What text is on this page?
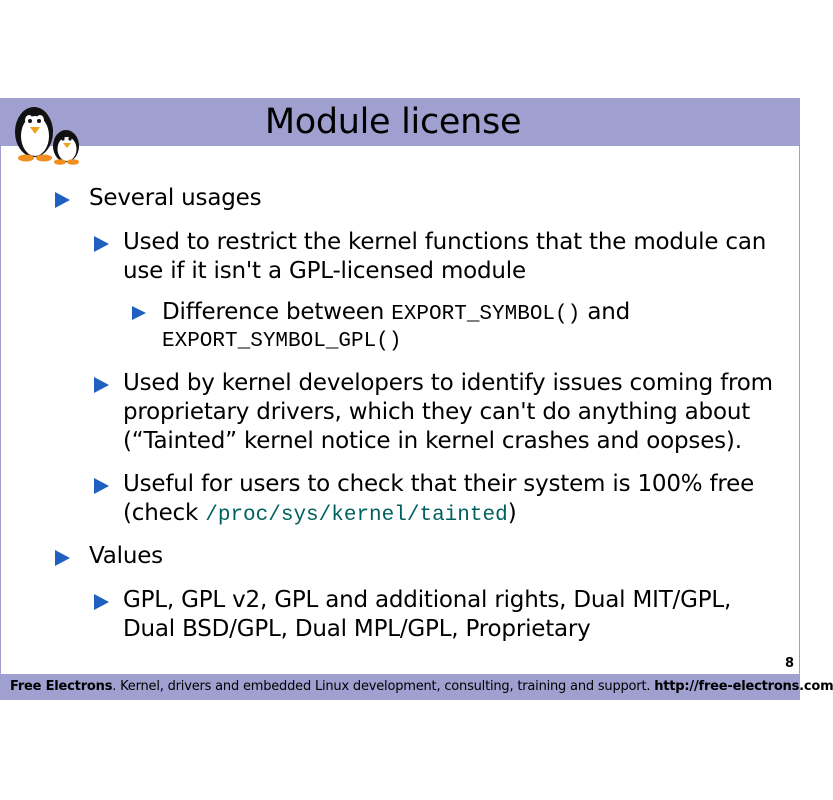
Module license
Several usages
Used to restrict the kernel functions that the module can
use if it isn't a GPL-licensed module
Difference between EXPORT_SYMBOL() and
EXPORT_SYMBOL_GPL()
Used by kernel developers to identify issues coming from
proprietary drivers, which they can't do anything about
(“Tainted” kernel notice in kernel crashes and oopses).
Useful for users to check that their system is 100% free
(check /proc/sys/kernel/tainted)
Values
GPL, GPL v2, GPL and additional rights, Dual MIT/GPL,
Dual BSD/GPL, Dual MPL/GPL, Proprietary
8
Free Electrons. Kernel, drivers and embedded Linux development, consulting, training and support. http://free-electrons.com
